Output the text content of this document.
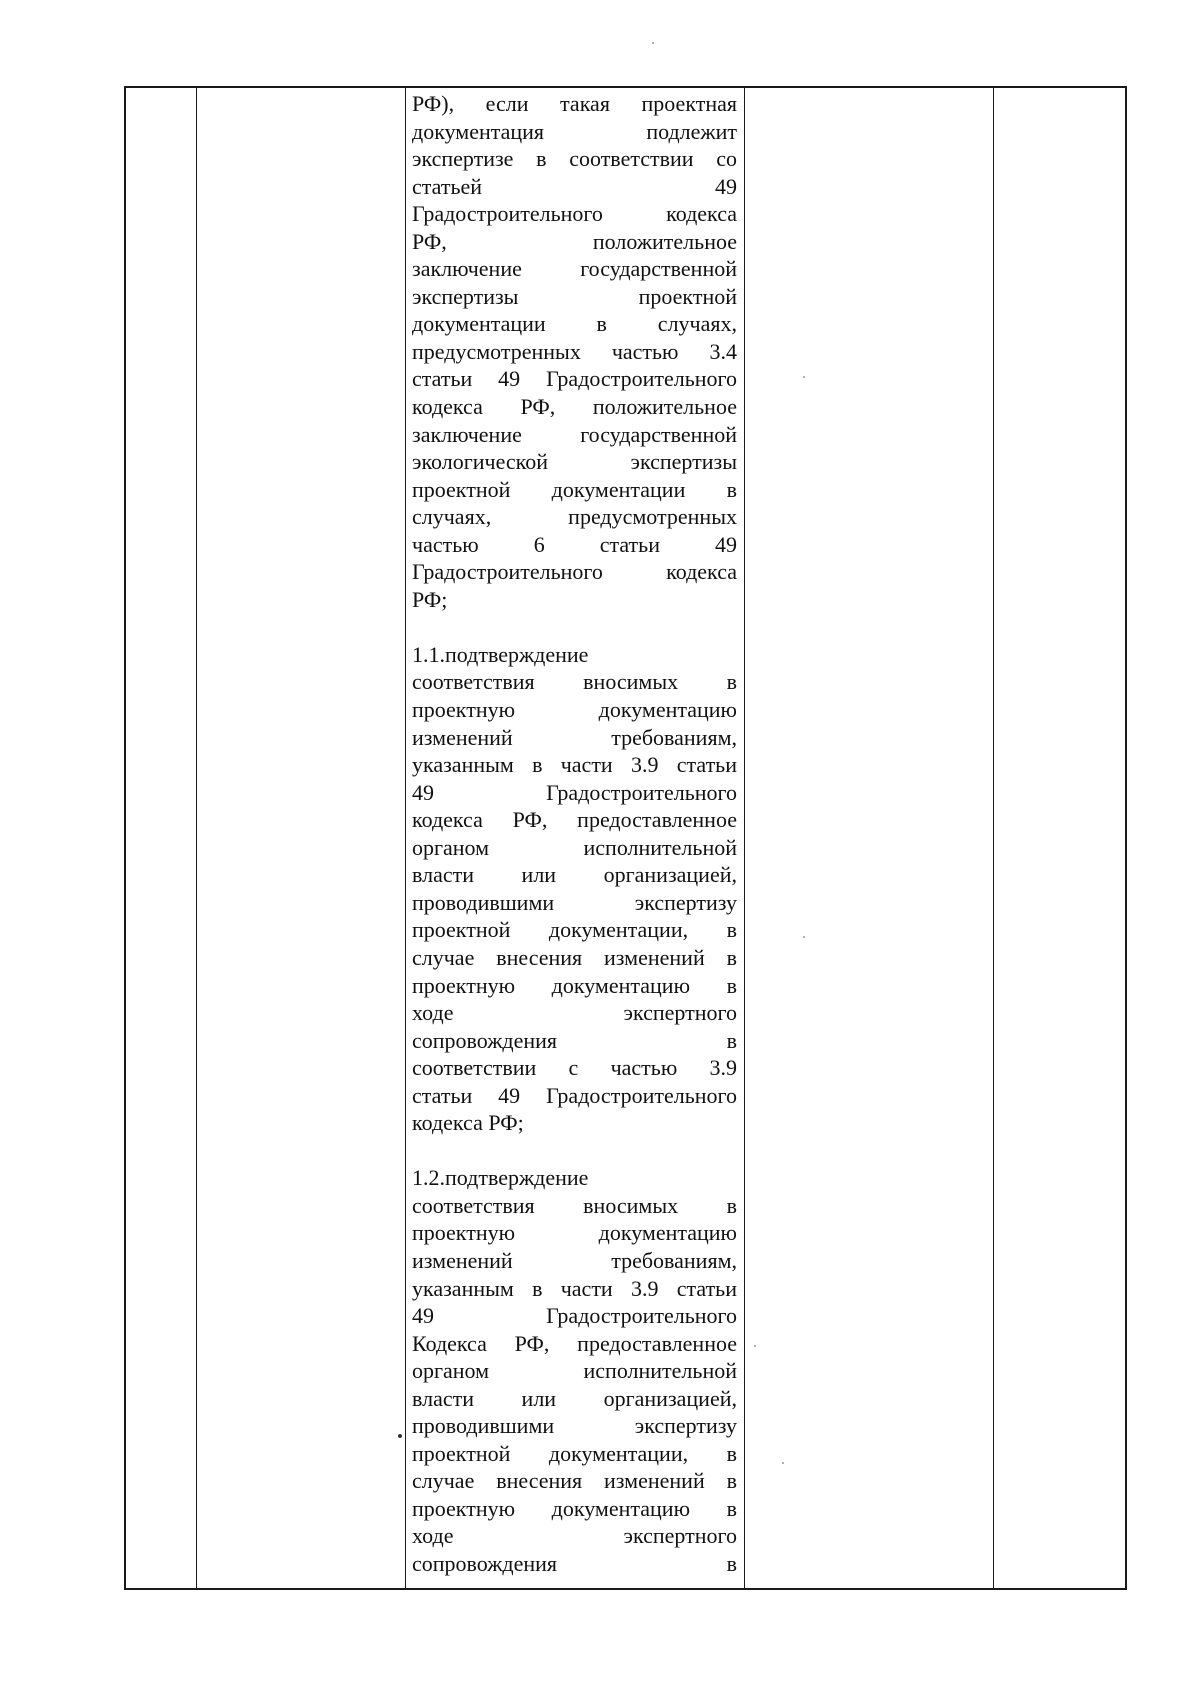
РФ), если такая проектная
документация подлежит
экспертизе в соответствии со
статьей 49
Градостроительного кодекса
РФ, положительное
заключение государственной
экспертизы проектной
документации в случаях,
предусмотренных частью 3.4
статьи 49 Градостроительного
кодекса РФ, положительное
заключение государственной
экологической экспертизы
проектной документации в
случаях, предусмотренных
частью 6 статьи 49
Градостроительного кодекса
РФ;
1.1.подтверждение
соответствия вносимых в
проектную документацию
изменений требованиям,
указанным в части 3.9 статьи
49 Градостроительного
кодекса РФ, предоставленное
органом исполнительной
власти или организацией,
проводившими экспертизу
проектной документации, в
случае внесения изменений в
проектную документацию в
ходе экспертного
сопровождения в
соответствии с частью 3.9
статьи 49 Градостроительного
кодекса РФ;
1.2.подтверждение
соответствия вносимых в
проектную документацию
изменений требованиям,
указанным в части 3.9 статьи
49 Градостроительного
Кодекса РФ, предоставленное
органом исполнительной
власти или организацией,
проводившими экспертизу
проектной документации, в
случае внесения изменений в
проектную документацию в
ходе экспертного
сопровождения в
